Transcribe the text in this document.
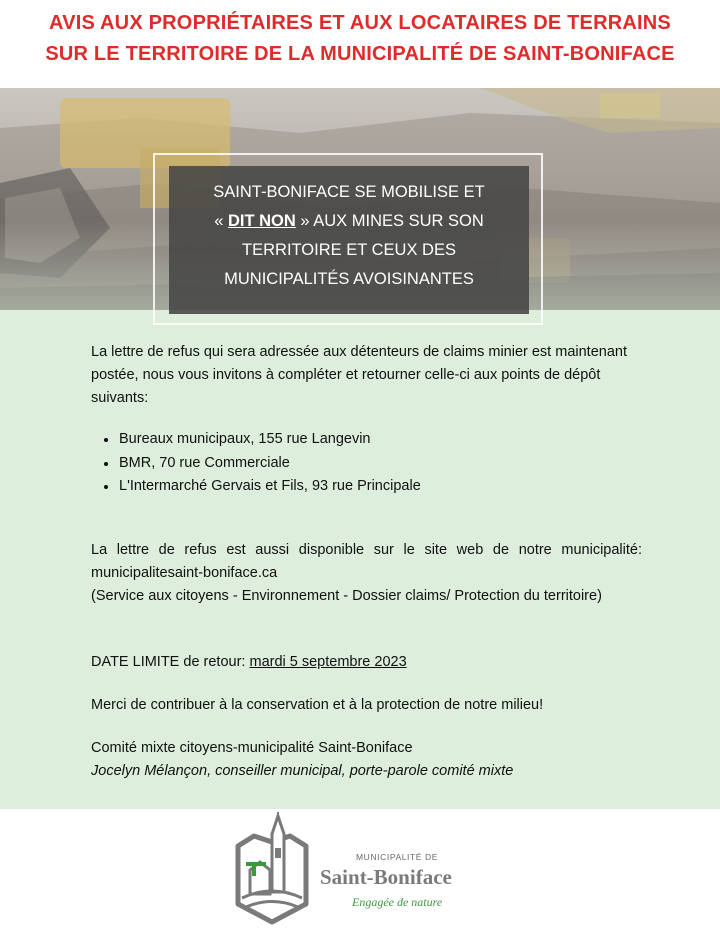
AVIS AUX PROPRIÉTAIRES ET AUX LOCATAIRES DE TERRAINS
SUR LE TERRITOIRE DE LA MUNICIPALITÉ DE SAINT-BONIFACE
SAINT-BONIFACE SE MOBILISE ET
« DIT NON » AUX MINES SUR SON
TERRITOIRE ET CEUX DES
MUNICIPALITÉS AVOISINANTES
La lettre de refus qui sera adressée aux détenteurs de claims minier est maintenant postée, nous vous invitons à compléter et retourner celle-ci aux points de dépôt suivants:
Bureaux municipaux, 155 rue Langevin
BMR, 70 rue Commerciale
L'Intermarché Gervais et Fils, 93 rue Principale
La lettre de refus est aussi disponible sur le site web de notre municipalité: municipalitesaint-boniface.ca
(Service aux citoyens - Environnement - Dossier claims/ Protection du territoire)
DATE LIMITE de retour: mardi 5 septembre 2023
Merci de contribuer à la conservation et à la protection de notre milieu!
Comité mixte citoyens-municipalité Saint-Boniface
Jocelyn Mélançon, conseiller municipal, porte-parole comité mixte
MUNICIPALITÉ DE
Saint-Boniface
Engagée de nature
